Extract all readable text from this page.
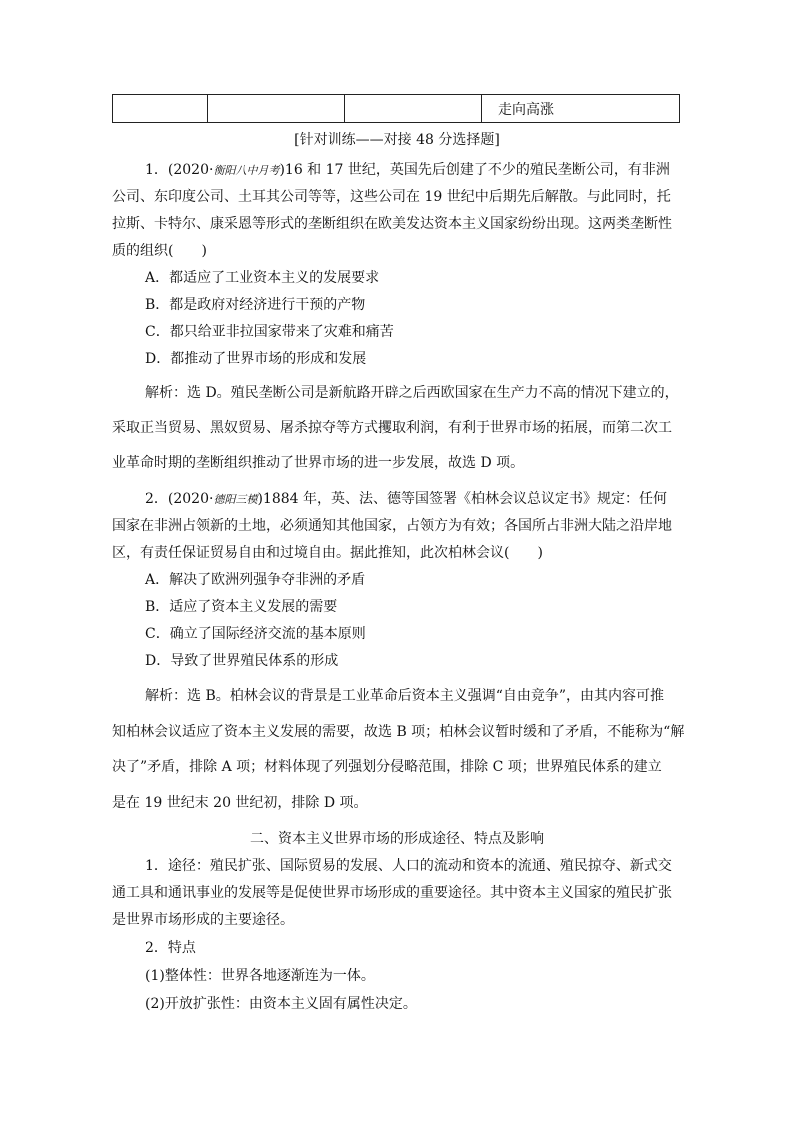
			走向高涨
[针对训练——对接 48 分选择题]
1．(2020·衡阳八中月考)16 和 17 世纪，英国先后创建了不少的殖民垄断公司，有非洲
公司、东印度公司、土耳其公司等等，这些公司在 19 世纪中后期先后解散。与此同时，托
拉斯、卡特尔、康采恩等形式的垄断组织在欧美发达资本主义国家纷纷出现。这两类垄断性
质的组织(　　)
A．都适应了工业资本主义的发展要求
B．都是政府对经济进行干预的产物
C．都只给亚非拉国家带来了灾难和痛苦
D．都推动了世界市场的形成和发展
解析：选 D。殖民垄断公司是新航路开辟之后西欧国家在生产力不高的情况下建立的，
采取正当贸易、黑奴贸易、屠杀掠夺等方式攫取利润，有利于世界市场的拓展，而第二次工
业革命时期的垄断组织推动了世界市场的进一步发展，故选 D 项。
2．(2020·德阳三模)1884 年，英、法、德等国签署《柏林会议总议定书》规定：任何
国家在非洲占领新的土地，必须通知其他国家，占领方为有效；各国所占非洲大陆之沿岸地
区，有责任保证贸易自由和过境自由。据此推知，此次柏林会议(　　)
A．解决了欧洲列强争夺非洲的矛盾
B．适应了资本主义发展的需要
C．确立了国际经济交流的基本原则
D．导致了世界殖民体系的形成
解析：选 B。柏林会议的背景是工业革命后资本主义强调“自由竞争”，由其内容可推
知柏林会议适应了资本主义发展的需要，故选 B 项；柏林会议暂时缓和了矛盾，不能称为“解
决了”矛盾，排除 A 项；材料体现了列强划分侵略范围，排除 C 项；世界殖民体系的建立
是在 19 世纪末 20 世纪初，排除 D 项。
二、资本主义世界市场的形成途径、特点及影响
1．途径：殖民扩张、国际贸易的发展、人口的流动和资本的流通、殖民掠夺、新式交
通工具和通讯事业的发展等是促使世界市场形成的重要途径。其中资本主义国家的殖民扩张
是世界市场形成的主要途径。
2．特点
(1)整体性：世界各地逐渐连为一体。
(2)开放扩张性：由资本主义固有属性决定。
